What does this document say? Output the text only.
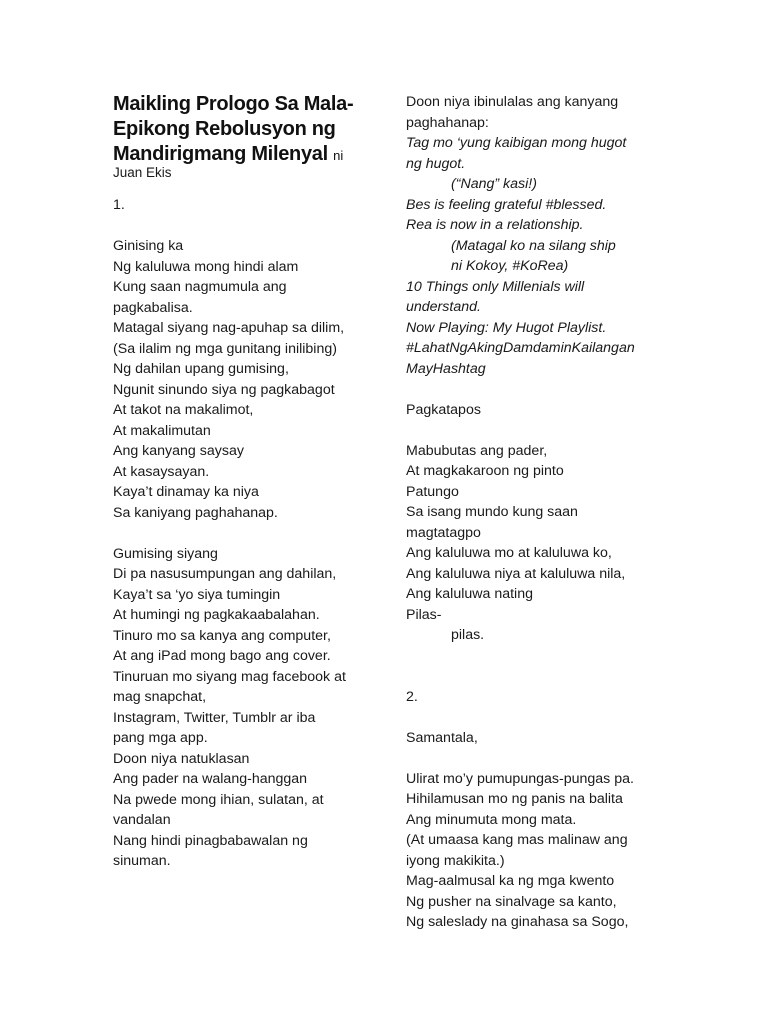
Maikling Prologo Sa Mala-
Epikong Rebolusyon ng
Mandirigmang Milenyal ni
Juan Ekis
1.
Ginising ka
Ng kaluluwa mong hindi alam
Kung saan nagmumula ang
pagkabalisa.
Matagal siyang nag-apuhap sa dilim,
(Sa ilalim ng mga gunitang inilibing)
Ng dahilan upang gumising,
Ngunit sinundo siya ng pagkabagot
At takot na makalimot,
At makalimutan
Ang kanyang saysay
At kasaysayan.
Kaya’t dinamay ka niya
Sa kaniyang paghahanap.
Gumising siyang
Di pa nasusumpungan ang dahilan,
Kaya’t sa ‘yo siya tumingin
At humingi ng pagkakaabalahan.
Tinuro mo sa kanya ang computer,
At ang iPad mong bago ang cover.
Tinuruan mo siyang mag facebook at
mag snapchat,
Instagram, Twitter, Tumblr ar iba
pang mga app.
Doon niya natuklasan
Ang pader na walang-hanggan
Na pwede mong ihian, sulatan, at
vandalan
Nang hindi pinagbabawalan ng
sinuman.
Doon niya ibinulalas ang kanyang
paghahanap:
Tag mo ‘yung kaibigan mong hugot
ng hugot.
(“Nang” kasi!)
Bes is feeling grateful #blessed.
Rea is now in a relationship.
(Matagal ko na silang ship
ni Kokoy, #KoRea)
10 Things only Millenials will
understand.
Now Playing: My Hugot Playlist.
#LahatNgAkingDamdaminKailangan
MayHashtag
Pagkatapos
Mabubutas ang pader,
At magkakaroon ng pinto
Patungo
Sa isang mundo kung saan
magtatagpo
Ang kaluluwa mo at kaluluwa ko,
Ang kaluluwa niya at kaluluwa nila,
Ang kaluluwa nating
Pilas-
pilas.
2.
Samantala,
Ulirat mo’y pumupungas-pungas pa.
Hihilamusan mo ng panis na balita
Ang minumuta mong mata.
(At umaasa kang mas malinaw ang
iyong makikita.)
Mag-aalmusal ka ng mga kwento
Ng pusher na sinalvage sa kanto,
Ng saleslady na ginahasa sa Sogo,
